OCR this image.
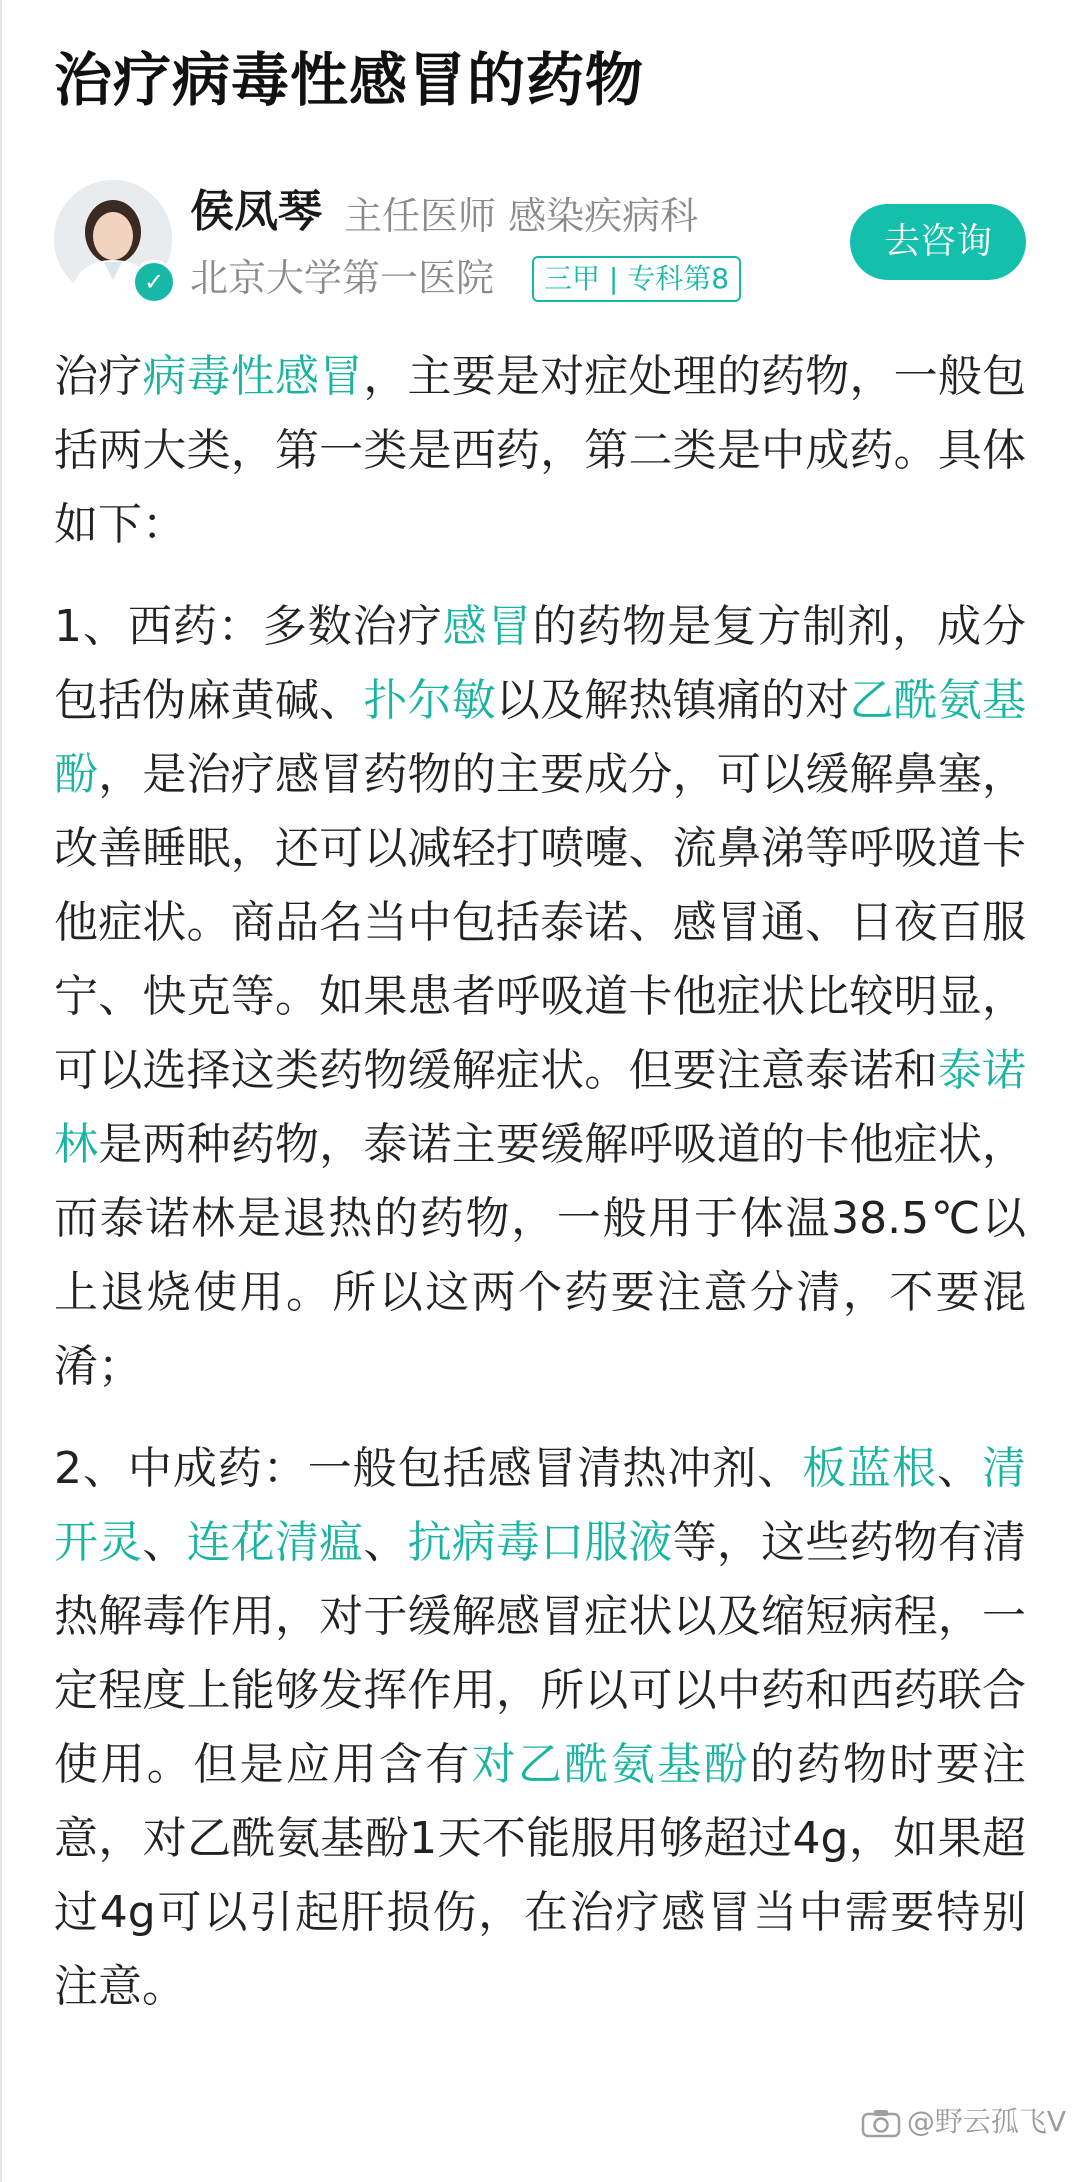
治疗病毒性感冒的药物
✓
侯凤琴 主任医师 感染疾病科
北京大学第一医院	三甲 | 专科第8
去咨询

治疗病毒性感冒，主要是对症处理的药物，一般包括两大类，第一类是西药，第二类是中成药。具体如下：

1、西药：多数治疗感冒的药物是复方制剂，成分包括伪麻黄碱、扑尔敏以及解热镇痛的对乙酰氨基酚，是治疗感冒药物的主要成分，可以缓解鼻塞，改善睡眠，还可以减轻打喷嚏、流鼻涕等呼吸道卡他症状。商品名当中包括泰诺、感冒通、日夜百服宁、快克等。如果患者呼吸道卡他症状比较明显，可以选择这类药物缓解症状。但要注意泰诺和泰诺林是两种药物，泰诺主要缓解呼吸道的卡他症状，而泰诺林是退热的药物，一般用于体温38.5℃以上退烧使用。所以这两个药要注意分清，不要混淆；

2、中成药：一般包括感冒清热冲剂、板蓝根、清开灵、连花清瘟、抗病毒口服液等，这些药物有清热解毒作用，对于缓解感冒症状以及缩短病程，一定程度上能够发挥作用，所以可以中药和西药联合使用。但是应用含有对乙酰氨基酚的药物时要注意，对乙酰氨基酚1天不能服用够超过4g，如果超过4g可以引起肝损伤，在治疗感冒当中需要特别注意。

@野云孤飞V
